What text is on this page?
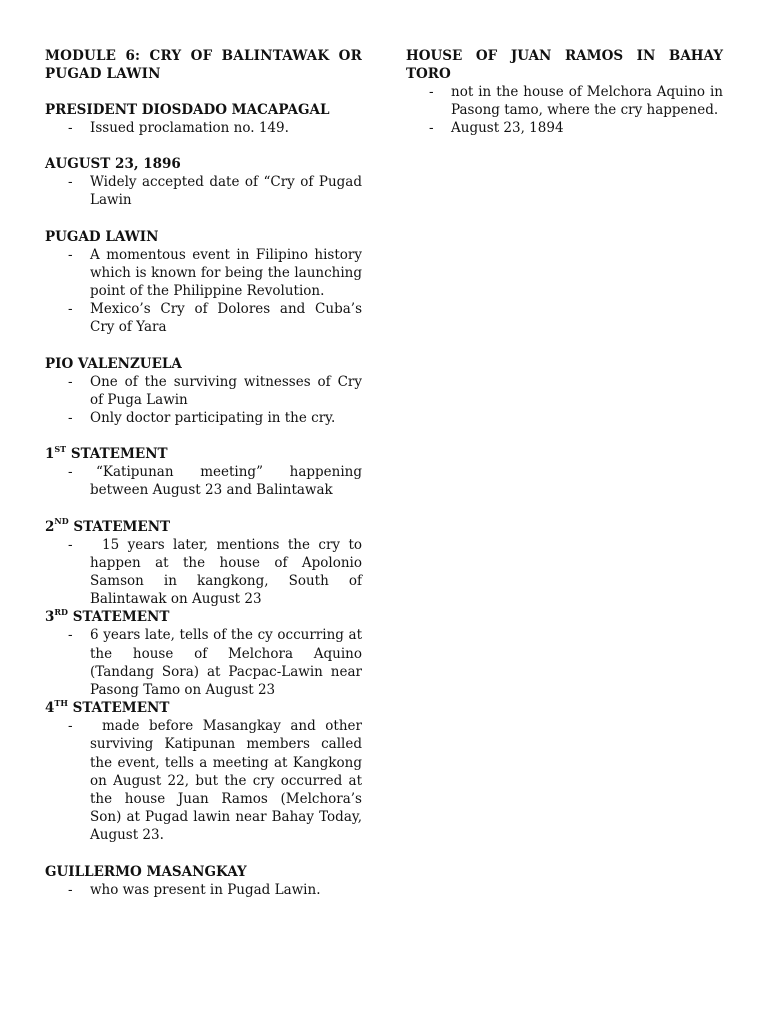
MODULE 6: CRY OF BALINTAWAK OR PUGAD LAWIN

PRESIDENT DIOSDADO MACAPAGAL

- Issued proclamation no. 149.

AUGUST 23, 1896

- Widely accepted date of “Cry of Pugad Lawin

PUGAD LAWIN

- A momentous event in Filipino history which is known for being the launching point of the Philippine Revolution.
- Mexico’s Cry of Dolores and Cuba’s Cry of Yara

PIO VALENZUELA

- One of the surviving witnesses of Cry of Puga Lawin
- Only doctor participating in the cry.

1ST STATEMENT

-	“Katipunan meeting” happening between August 23 and Balintawak

2ND STATEMENT

-	15 years later, mentions the cry to happen at the house of Apolonio Samson in kangkong, South of Balintawak on August 23

3RD STATEMENT

- 6 years late, tells of the cy occurring at the house of Melchora Aquino (Tandang Sora) at Pacpac-Lawin near Pasong Tamo on August 23

4TH STATEMENT

-	made before Masangkay and other surviving Katipunan members called the event, tells a meeting at Kangkong on August 22, but the cry occurred at the house Juan Ramos (Melchora’s Son) at Pugad lawin near Bahay Today, August 23.

GUILLERMO MASANGKAY

- who was present in Pugad Lawin.

HOUSE OF JUAN RAMOS IN BAHAY TORO

- not in the house of Melchora Aquino in Pasong tamo, where the cry happened.
- August 23, 1894
